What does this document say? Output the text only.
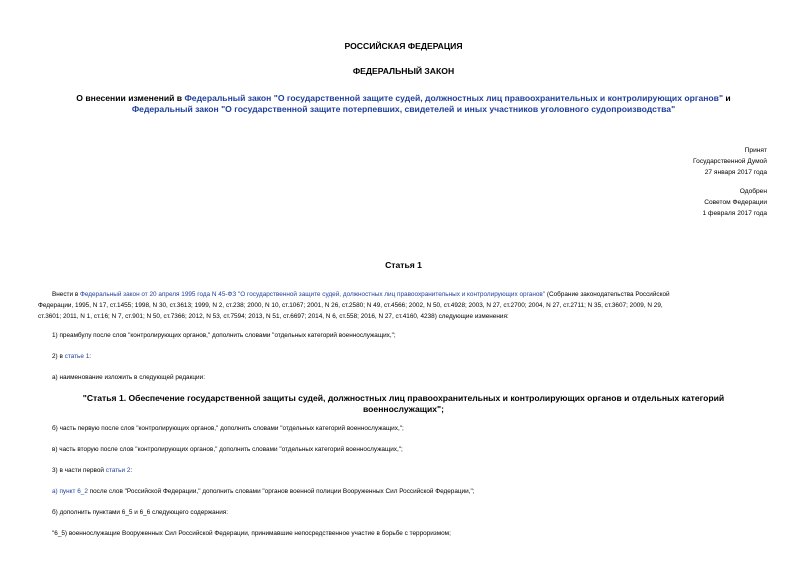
РОССИЙСКАЯ ФЕДЕРАЦИЯ
ФЕДЕРАЛЬНЫЙ ЗАКОН
О внесении изменений в Федеральный закон "О государственной защите судей, должностных лиц правоохранительных и контролирующих органов" и
Федеральный закон "О государственной защите потерпевших, свидетелей и иных участников уголовного судопроизводства"
Принят
Государственной Думой
27 января 2017 года
Одобрен
Советом Федерации
1 февраля 2017 года
Статья 1
Внести в Федеральный закон от 20 апреля 1995 года N 45-ФЗ "О государственной защите судей, должностных лиц правоохранительных и контролирующих органов" (Собрание законодательства Российской
Федерации, 1995, N 17, ст.1455; 1998, N 30, ст.3613; 1999, N 2, ст.238; 2000, N 10, ст.1067; 2001, N 26, ст.2580; N 49, ст.4566; 2002, N 50, ст.4928; 2003, N 27, ст.2700; 2004, N 27, ст.2711; N 35, ст.3607; 2009, N 29,
ст.3601; 2011, N 1, ст.16; N 7, ст.901; N 50, ст.7366; 2012, N 53, ст.7594; 2013, N 51, ст.6697; 2014, N 6, ст.558; 2016, N 27, ст.4160, 4238) следующие изменения:
1) преамбулу после слов "контролирующих органов," дополнить словами "отдельных категорий военнослужащих,";
2) в статье 1:
а) наименование изложить в следующей редакции:
"Статья 1. Обеспечение государственной защиты судей, должностных лиц правоохранительных и контролирующих органов и отдельных категорий
военнослужащих";
б) часть первую после слов "контролирующих органов," дополнить словами "отдельных категорий военнослужащих,";
в) часть вторую после слов "контролирующих органов," дополнить словами "отдельных категорий военнослужащих,";
3) в части первой статьи 2:
а) пункт 6_2 после слов "Российской Федерации," дополнить словами "органов военной полиции Вооруженных Сил Российской Федерации,";
б) дополнить пунктами 6_5 и 6_6 следующего содержания:
"6_5) военнослужащие Вооруженных Сил Российской Федерации, принимавшие непосредственное участие в борьбе с терроризмом;
